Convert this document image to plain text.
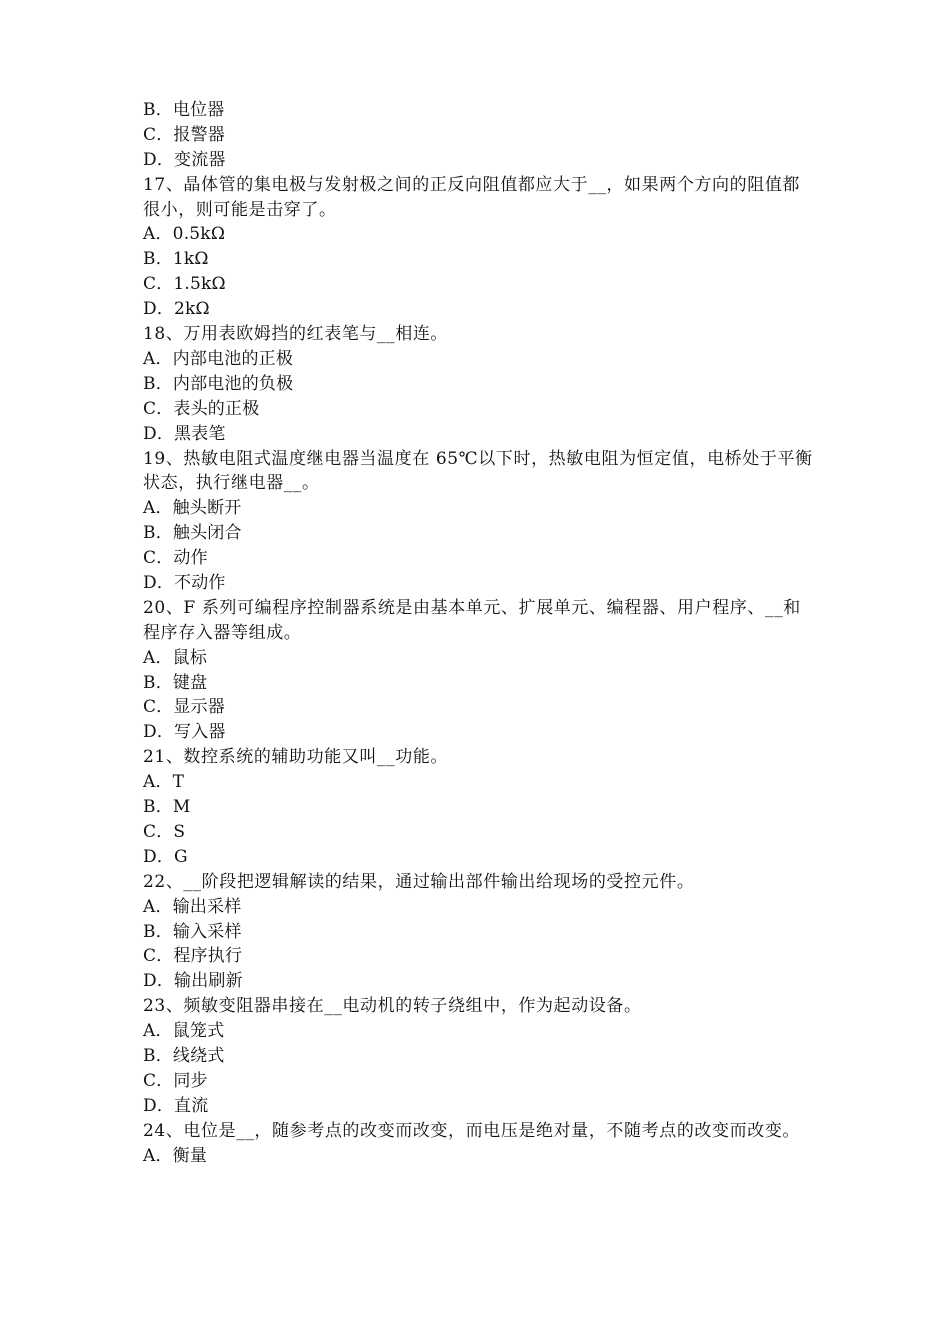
B．电位器
C．报警器
D．变流器
17、晶体管的集电极与发射极之间的正反向阻值都应大于__，如果两个方向的阻值都很小，则可能是击穿了。
A．0.5kΩ
B．1kΩ
C．1.5kΩ
D．2kΩ
18、万用表欧姆挡的红表笔与__相连。
A．内部电池的正极
B．内部电池的负极
C．表头的正极
D．黑表笔
19、热敏电阻式温度继电器当温度在 65℃以下时，热敏电阻为恒定值，电桥处于平衡状态，执行继电器__。
A．触头断开
B．触头闭合
C．动作
D．不动作
20、F 系列可编程序控制器系统是由基本单元、扩展单元、编程器、用户程序、__和程序存入器等组成。
A．鼠标
B．键盘
C．显示器
D．写入器
21、数控系统的辅助功能又叫__功能。
A．T
B．M
C．S
D．G
22、__阶段把逻辑解读的结果，通过输出部件输出给现场的受控元件。
A．输出采样
B．输入采样
C．程序执行
D．输出刷新
23、频敏变阻器串接在__电动机的转子绕组中，作为起动设备。
A．鼠笼式
B．线绕式
C．同步
D．直流
24、电位是__，随参考点的改变而改变，而电压是绝对量，不随考点的改变而改变。
A．衡量
